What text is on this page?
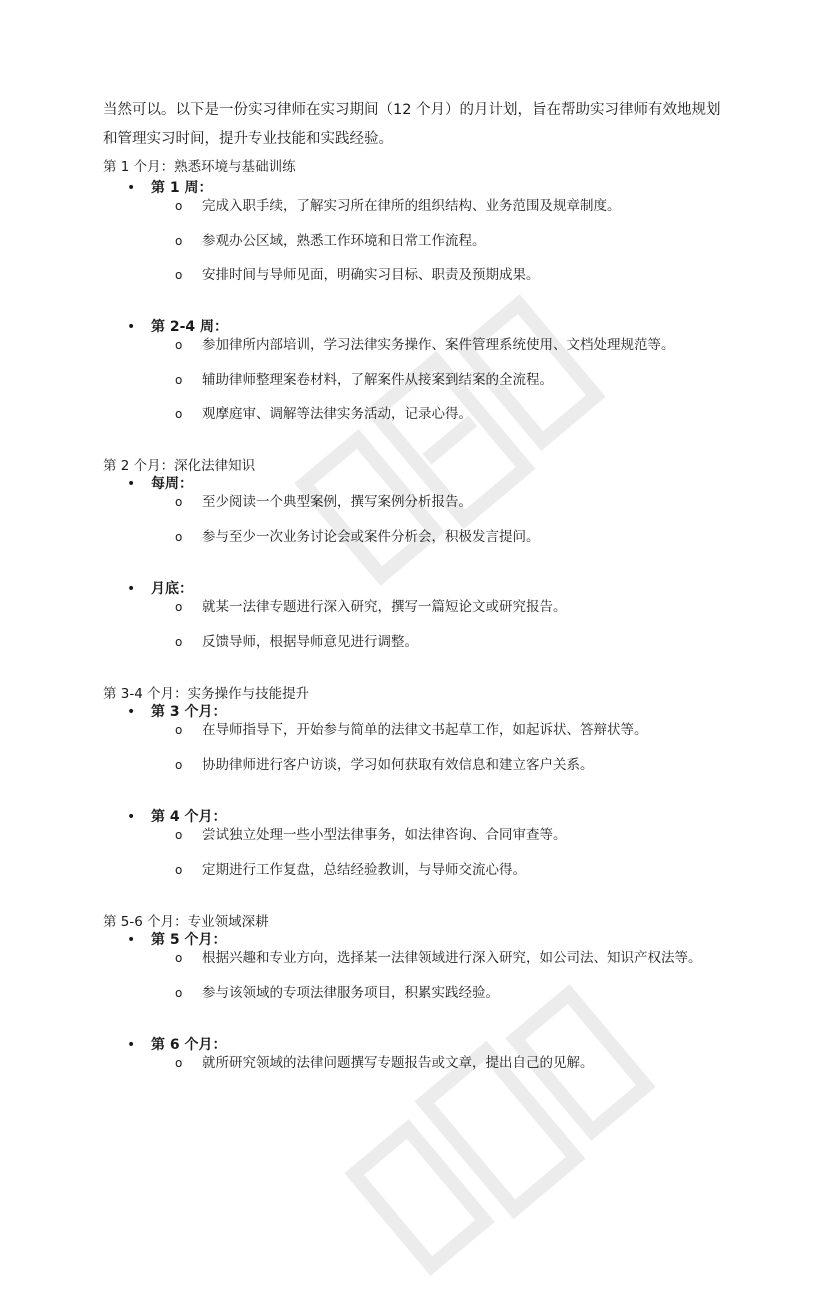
当然可以。以下是一份实习律师在实习期间（12 个月）的月计划，旨在帮助实习律师有效地规划
和管理实习时间，提升专业技能和实践经验。
第 1 个月：熟悉环境与基础训练
• 第 1 周：
o 完成入职手续，了解实习所在律所的组织结构、业务范围及规章制度。
o 参观办公区域，熟悉工作环境和日常工作流程。
o 安排时间与导师见面，明确实习目标、职责及预期成果。
• 第 2-4 周：
o 参加律所内部培训，学习法律实务操作、案件管理系统使用、文档处理规范等。
o 辅助律师整理案卷材料，了解案件从接案到结案的全流程。
o 观摩庭审、调解等法律实务活动，记录心得。
第 2 个月：深化法律知识
• 每周：
o 至少阅读一个典型案例，撰写案例分析报告。
o 参与至少一次业务讨论会或案件分析会，积极发言提问。
• 月底：
o 就某一法律专题进行深入研究，撰写一篇短论文或研究报告。
o 反馈导师，根据导师意见进行调整。
第 3-4 个月：实务操作与技能提升
• 第 3 个月：
o 在导师指导下，开始参与简单的法律文书起草工作，如起诉状、答辩状等。
o 协助律师进行客户访谈，学习如何获取有效信息和建立客户关系。
• 第 4 个月：
o 尝试独立处理一些小型法律事务，如法律咨询、合同审查等。
o 定期进行工作复盘，总结经验教训，与导师交流心得。
第 5-6 个月：专业领域深耕
• 第 5 个月：
o 根据兴趣和专业方向，选择某一法律领域进行深入研究，如公司法、知识产权法等。
o 参与该领域的专项法律服务项目，积累实践经验。
• 第 6 个月：
o 就所研究领域的法律问题撰写专题报告或文章，提出自己的见解。
